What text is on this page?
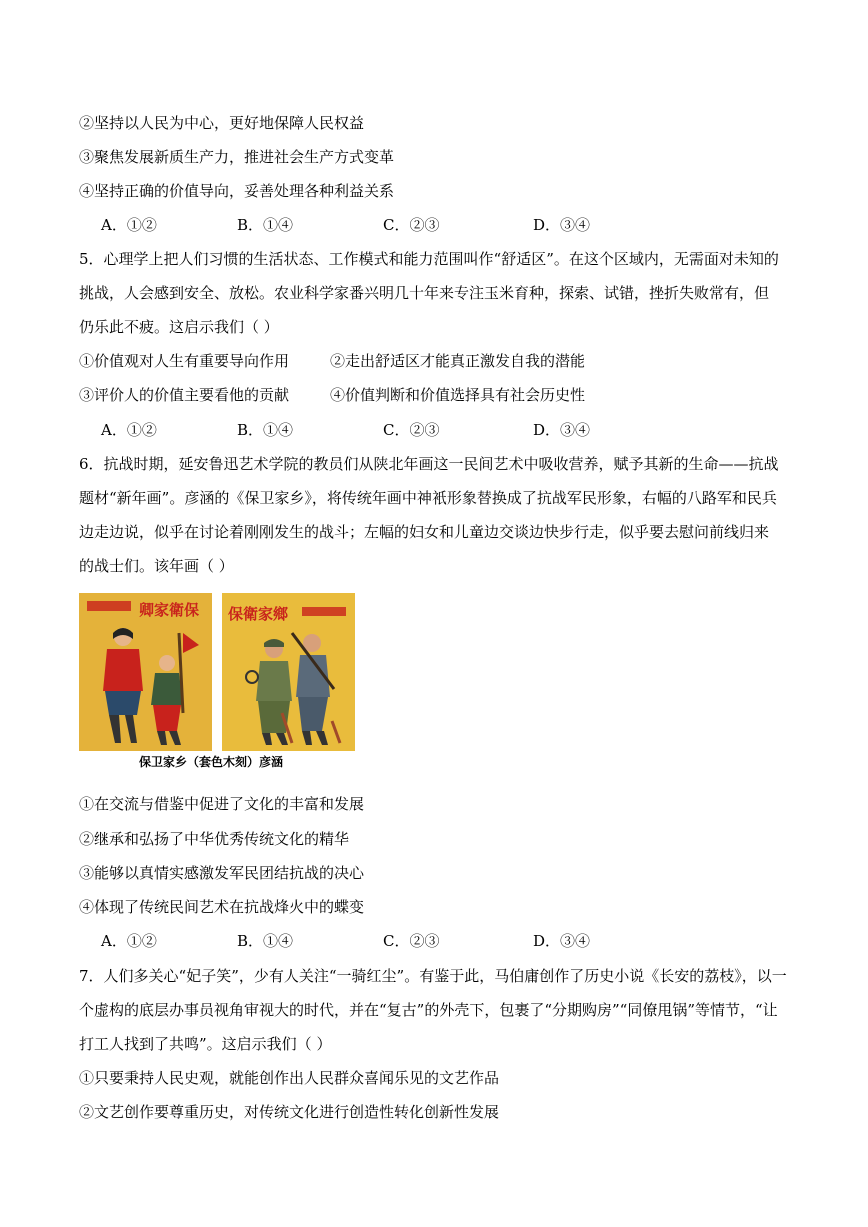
②坚持以人民为中心，更好地保障人民权益
③聚焦发展新质生产力，推进社会生产方式变革
④坚持正确的价值导向，妥善处理各种利益关系
A．①②	B．①④	C．②③	D．③④
5．心理学上把人们习惯的生活状态、工作模式和能力范围叫作“舒适区”。在这个区域内，无需面对未知的
挑战，人会感到安全、放松。农业科学家番兴明几十年来专注玉米育种，探索、试错，挫折失败常有，但
仍乐此不疲。这启示我们（ ）
①价值观对人生有重要导向作用	②走出舒适区才能真正激发自我的潜能
③评价人的价值主要看他的贡献	④价值判断和价值选择具有社会历史性
A．①②	B．①④	C．②③	D．③④
6．抗战时期，延安鲁迅艺术学院的教员们从陕北年画这一民间艺术中吸收营养，赋予其新的生命——抗战
题材“新年画”。彦涵的《保卫家乡》，将传统年画中神衹形象替换成了抗战军民形象，右幅的八路军和民兵
边走边说，似乎在讨论着刚刚发生的战斗；左幅的妇女和儿童边交谈边快步行走，似乎要去慰问前线归来
的战士们。该年画（ ）
卿家衛保 保衛家鄉
保卫家乡（套色木刻）彦涵
①在交流与借鉴中促进了文化的丰富和发展
②继承和弘扬了中华优秀传统文化的精华
③能够以真情实感激发军民团结抗战的决心
④体现了传统民间艺术在抗战烽火中的蝶变
A．①②	B．①④	C．②③	D．③④
7．人们多关心“妃子笑”，少有人关注“一骑红尘”。有鉴于此，马伯庸创作了历史小说《长安的荔枝》，以一
个虚构的底层办事员视角审视大的时代，并在“复古”的外壳下，包裹了“分期购房”“同僚甩锅”等情节，“让
打工人找到了共鸣”。这启示我们（ ）
①只要秉持人民史观，就能创作出人民群众喜闻乐见的文艺作品
②文艺创作要尊重历史，对传统文化进行创造性转化创新性发展
